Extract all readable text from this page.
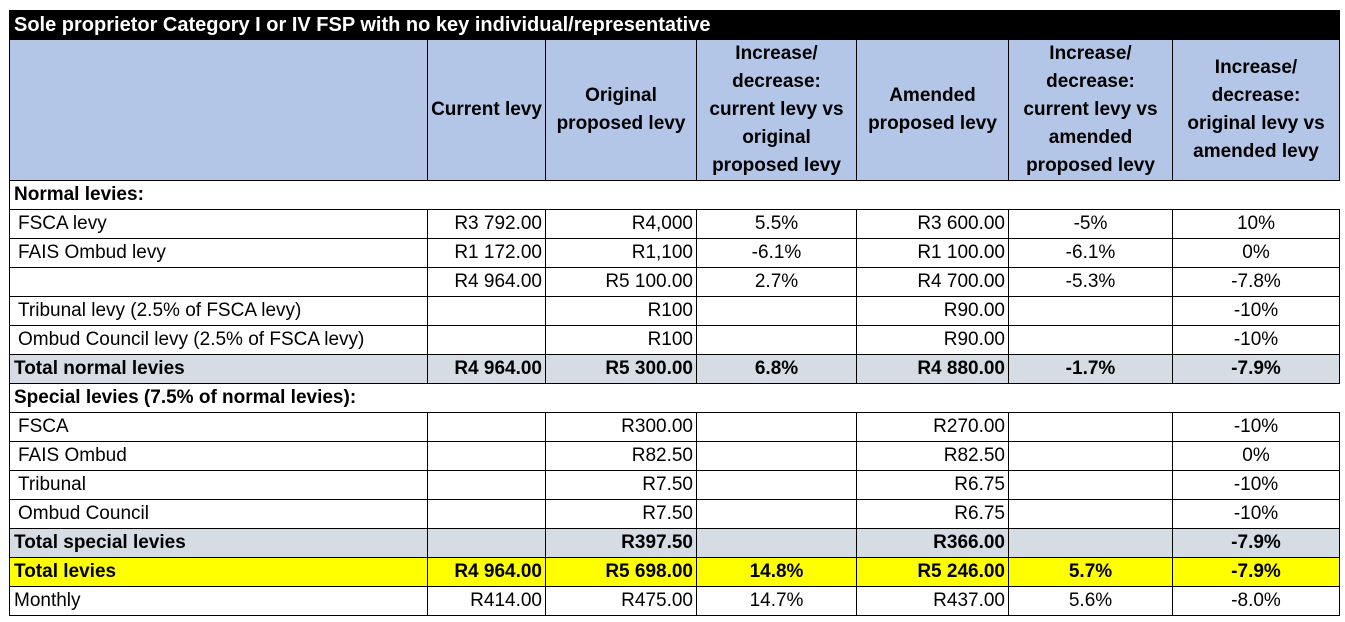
Sole proprietor Category I or IV FSP with no key individual/representative						
	Current levy	Original proposed levy	Increase/ decrease: current levy vs original proposed levy	Amended proposed levy	Increase/ decrease: current levy vs amended proposed levy	Increase/ decrease: original levy vs amended levy
Normal levies:						
FSCA levy	R3 792.00	R4,000	5.5%	R3 600.00	-5%	10%
FAIS Ombud levy	R1 172.00	R1,100	-6.1%	R1 100.00	-6.1%	0%
	R4 964.00	R5 100.00	2.7%	R4 700.00	-5.3%	-7.8%
Tribunal levy (2.5% of FSCA levy)		R100		R90.00		-10%
Ombud Council levy (2.5% of FSCA levy)		R100		R90.00		-10%
Total normal levies	R4 964.00	R5 300.00	6.8%	R4 880.00	-1.7%	-7.9%
Special levies (7.5% of normal levies):						
FSCA		R300.00		R270.00		-10%
FAIS Ombud		R82.50		R82.50		0%
Tribunal		R7.50		R6.75		-10%
Ombud Council		R7.50		R6.75		-10%
Total special levies		R397.50		R366.00		-7.9%
Total levies	R4 964.00	R5 698.00	14.8%	R5 246.00	5.7%	-7.9%
Monthly	R414.00	R475.00	14.7%	R437.00	5.6%	-8.0%
